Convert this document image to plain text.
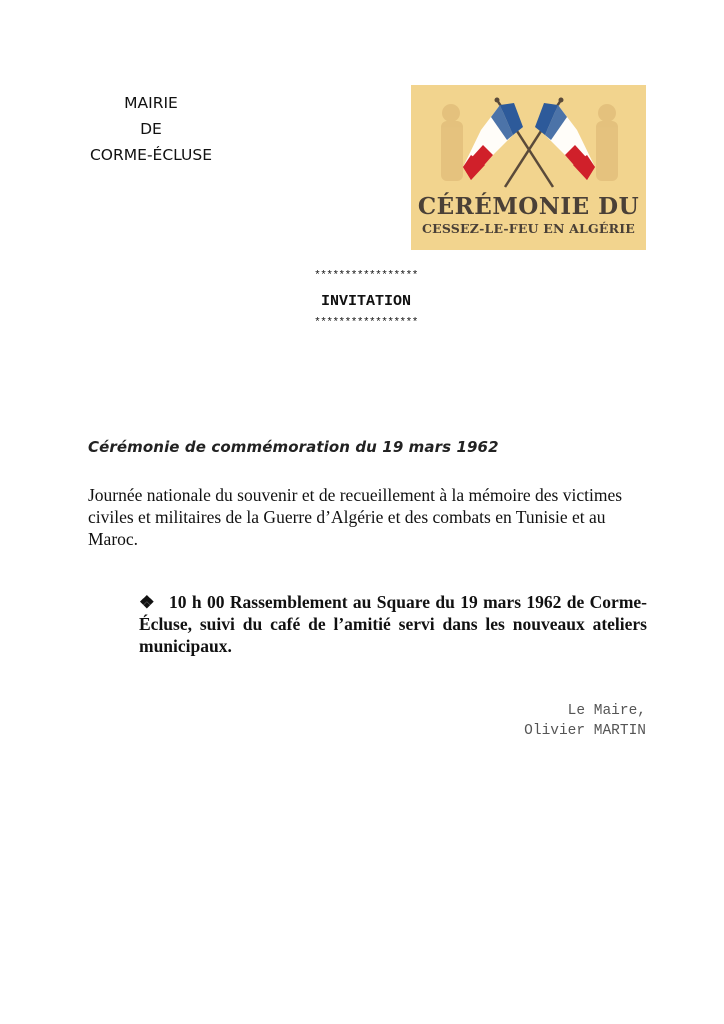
MAIRIE
DE
CORME-ÉCLUSE
CÉRÉMONIE DU
CESSEZ-LE-FEU EN ALGÉRIE
*****************
INVITATION
*****************
Cérémonie de commémoration du 19 mars 1962
Journée nationale du souvenir et de recueillement à la mémoire des victimes civiles et militaires de la Guerre d’Algérie et des combats en Tunisie et au Maroc.
❖ 10 h 00 Rassemblement au Square du 19 mars 1962 de Corme-Écluse, suivi du café de l’amitié servi dans les nouveaux ateliers municipaux.
Le Maire,
Olivier MARTIN
